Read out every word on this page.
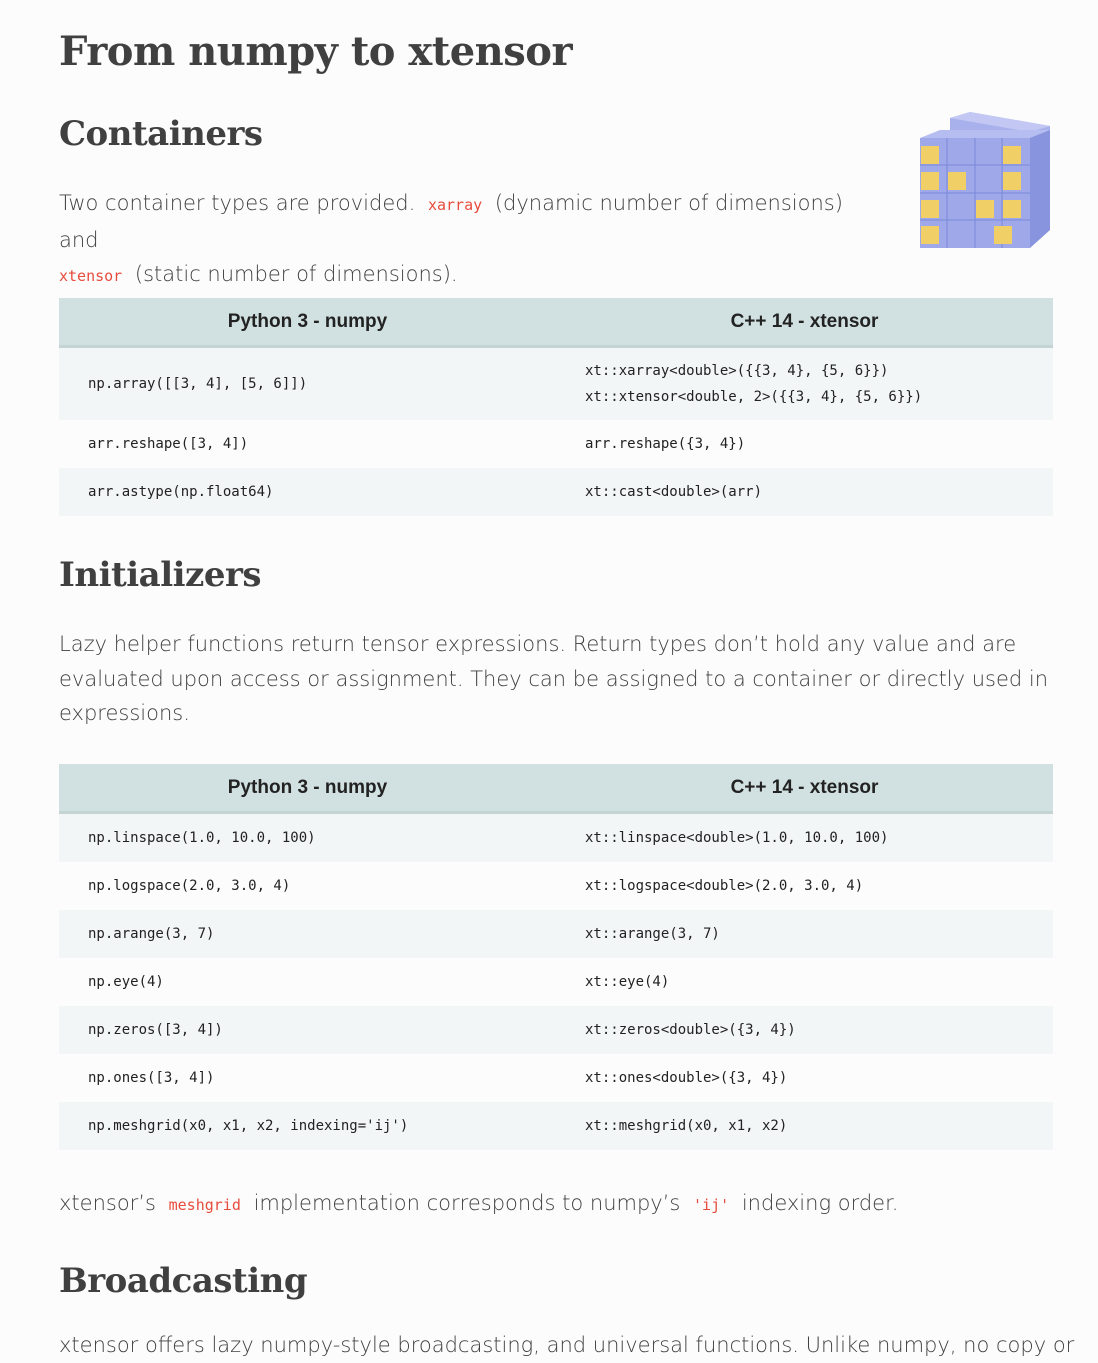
From numpy to xtensor
Containers

Two container types are provided. xarray (dynamic number of dimensions) and
xtensor (static number of dimensions).

Python 3 - numpy	C++ 14 - xtensor
np.array([[3, 4], [5, 6]])	xt::xarray<double>({{3, 4}, {5, 6}})
xt::xtensor<double, 2>({{3, 4}, {5, 6}})

arr.reshape([3, 4])	arr.reshape({3, 4})
arr.astype(np.float64)	xt::cast<double>(arr)
Initializers

Lazy helper functions return tensor expressions. Return types don’t hold any value and are
evaluated upon access or assignment. They can be assigned to a container or directly used in
expressions.

Python 3 - numpy	C++ 14 - xtensor
np.linspace(1.0, 10.0, 100)	xt::linspace<double>(1.0, 10.0, 100)
np.logspace(2.0, 3.0, 4)	xt::logspace<double>(2.0, 3.0, 4)
np.arange(3, 7)	xt::arange(3, 7)
np.eye(4)	xt::eye(4)
np.zeros([3, 4])	xt::zeros<double>({3, 4})
np.ones([3, 4])	xt::ones<double>({3, 4})
np.meshgrid(x0, x1, x2, indexing='ij')	xt::meshgrid(x0, x1, x2)

xtensor’s meshgrid implementation corresponds to numpy’s 'ij' indexing order.

Broadcasting

xtensor offers lazy numpy-style broadcasting, and universal functions. Unlike numpy, no copy or
